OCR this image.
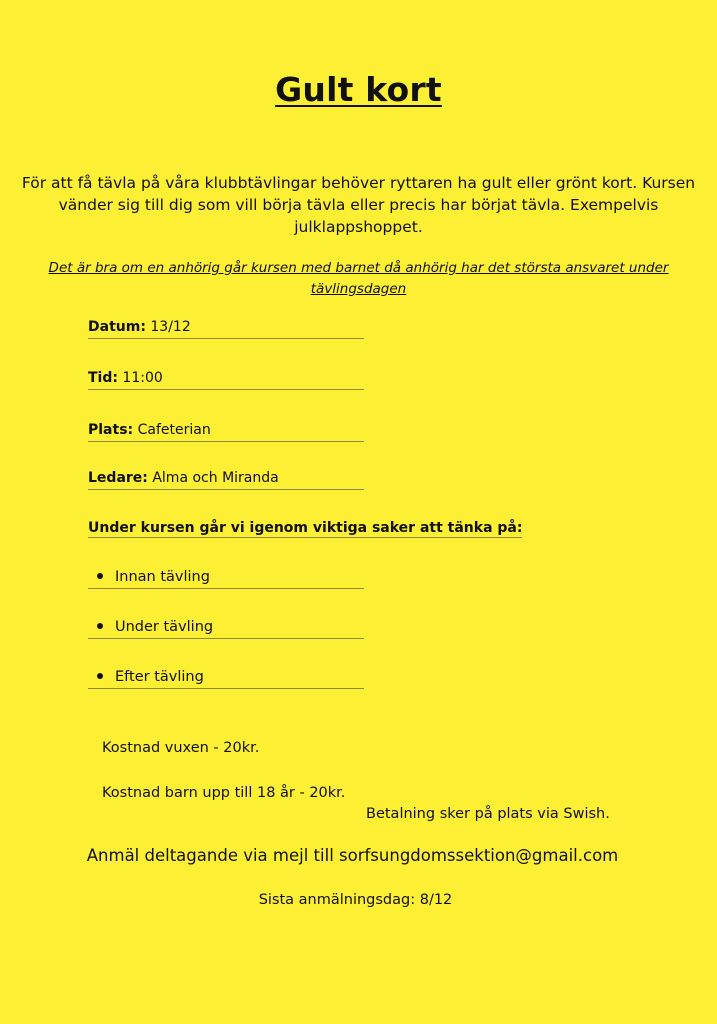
Gult kort
För att få tävla på våra klubbtävlingar behöver ryttaren ha gult eller grönt kort. Kursen vänder sig till dig som vill börja tävla eller precis har börjat tävla. Exempelvis julklappshoppet.
Det är bra om en anhörig går kursen med barnet då anhörig har det största ansvaret under tävlingsdagen
Datum: 13/12
Tid: 11:00
Plats: Cafeterian
Ledare: Alma och Miranda
Under kursen går vi igenom viktiga saker att tänka på:
Innan tävling
Under tävling
Efter tävling
Kostnad vuxen - 20kr.
Kostnad barn upp till 18 år - 20kr.
Betalning sker på plats via Swish.
Anmäl deltagande via mejl till sorfsungdomssektion@gmail.com
Sista anmälningsdag: 8/12
